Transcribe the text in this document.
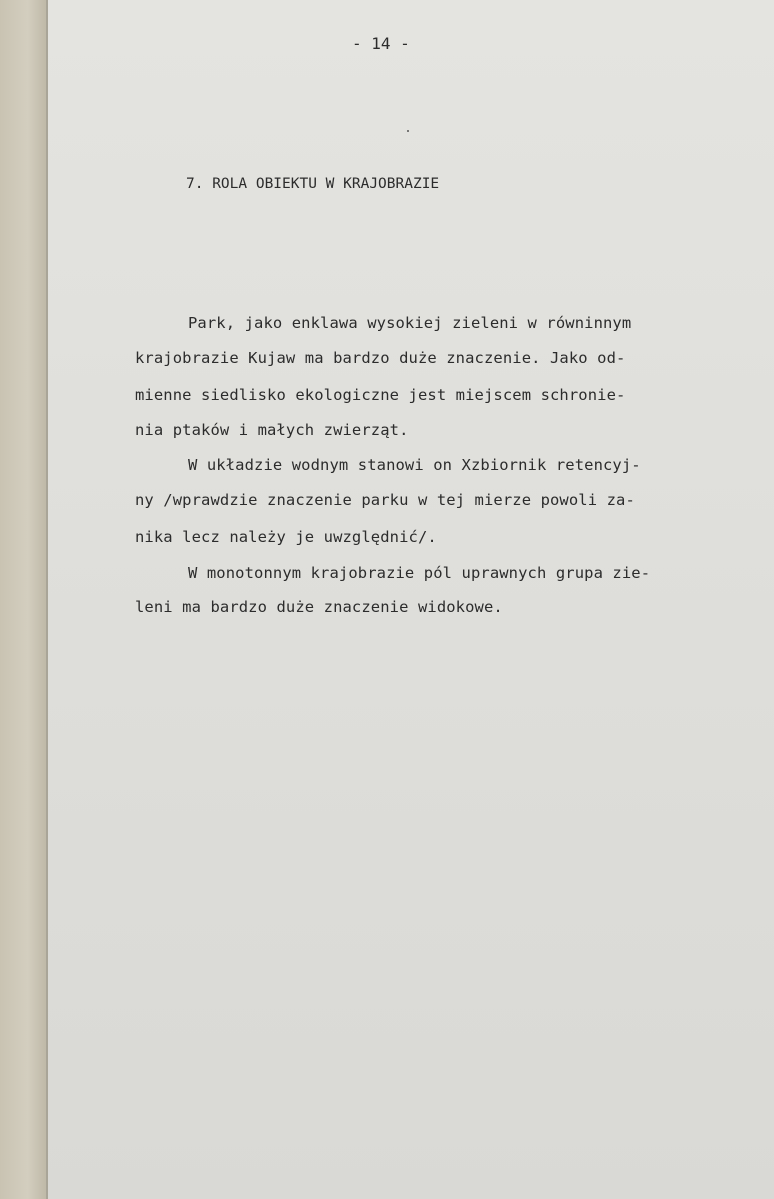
- 14 -
7. ROLA OBIEKTU W KRAJOBRAZIE
Park, jako enklawa wysokiej zieleni w równinnym
krajobrazie Kujaw ma bardzo duże znaczenie. Jako od-
mienne siedlisko ekologiczne jest miejscem schronie-
nia ptaków i małych zwierząt.
W układzie wodnym stanowi on Xzbiornik retencyj-
ny /wprawdzie znaczenie parku w tej mierze powoli za-
nika lecz należy je uwzględnić/.
W monotonnym krajobrazie pól uprawnych grupa zie-
leni ma bardzo duże znaczenie widokowe.
